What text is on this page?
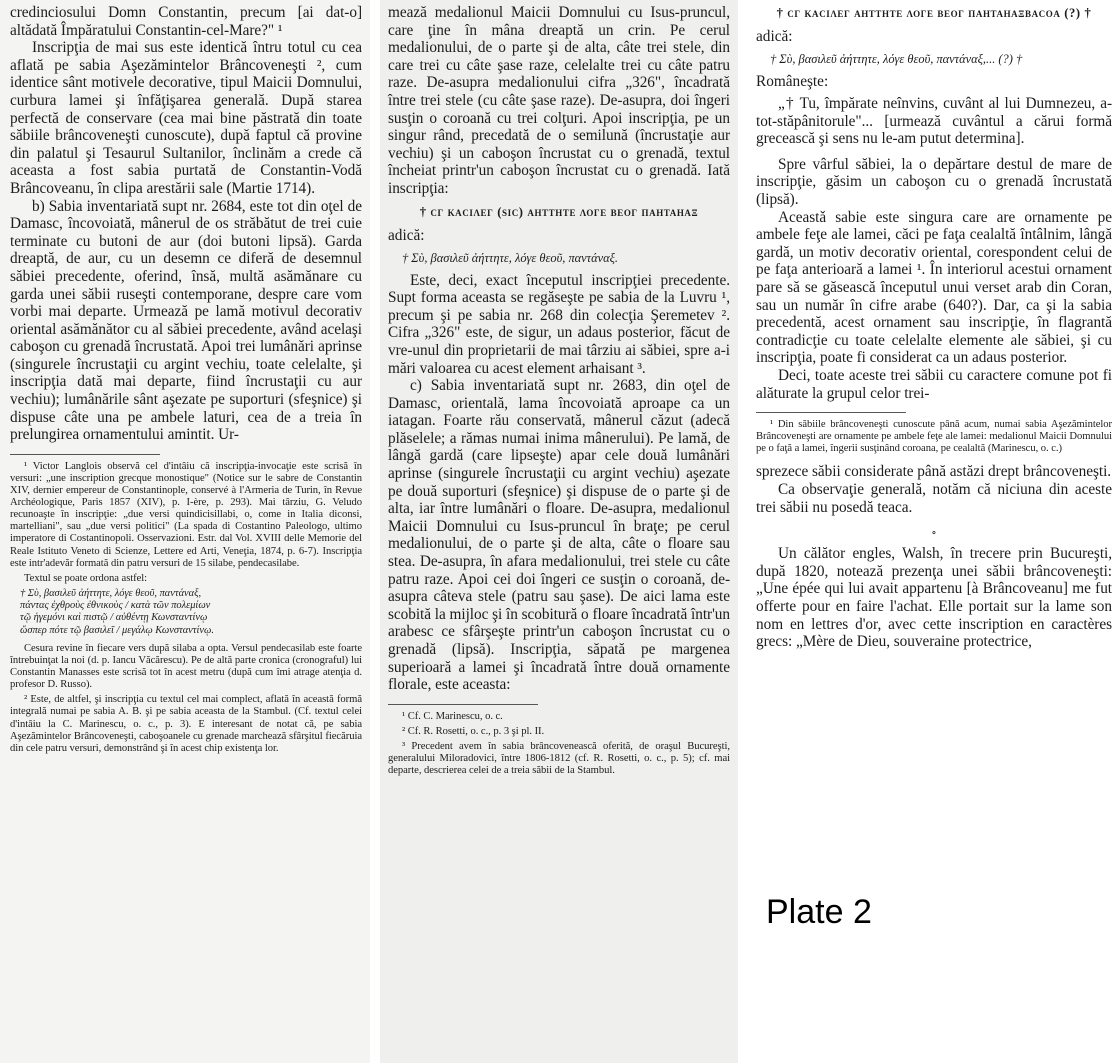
credinciosului Domn Constantin, precum [ai dat-o] altădată Împăratului Constantin-cel-Mare?" ¹

Inscripţia de mai sus este identică întru totul cu cea aflată pe sabia Aşezămintelor Brâncoveneşti ², cum identice sânt motivele decorative, tipul Maicii Domnului, curbura lamei şi înfăţişarea generală. După starea perfectă de conservare (cea mai bine păstrată din toate săbiile brâncoveneşti cunoscute), după faptul că provine din palatul şi Tesaurul Sultanilor, înclinăm a crede că aceasta a fost sabia purtată de Constantin-Vodă Brâncoveanu, în clipa arestării sale (Martie 1714).

b) Sabia inventariată supt nr. 2684, este tot din oţel de Damasc, încovoiată, mânerul de os străbătut de trei cuie terminate cu butoni de aur (doi butoni lipsă). Garda dreaptă, de aur, cu un desemn ce diferă de desemnul săbiei precedente, oferind, însă, multă asămănare cu garda unei săbii ruseşti contemporane, despre care vom vorbi mai departe. Urmează pe lamă motivul decorativ oriental asămănător cu al săbiei precedente, având acelaşi caboşon cu grenadă încrustată. Apoi trei lumânări aprinse (singurele încrustaţii cu argint vechiu, toate celelalte, şi inscripţia dată mai departe, fiind încrustaţii cu aur vechiu); lumânările sânt aşezate pe suporturi (sfeşnice) şi dispuse câte una pe ambele laturi, cea de a treia în prelungirea ornamentului amintit. Ur-

¹ Victor Langlois observă cel d'intâiu că inscripţia-invocaţie este scrisă în versuri: „une inscription grecque monostique" (Notice sur le sabre de Constantin XIV, dernier empereur de Constantinople, conservé à l'Armeria de Turin, în Revue Archéologique, Paris 1857 (XIV), p. I-ère, p. 293). Mai târziu, G. Veludo recunoaşte în inscripţie: „due versi quindicisillabi, o, come in Italia diconsi, martelliani", sau „due versi politici" (La spada di Costantino Paleologo, ultimo imperatore di Costantinopoli. Osservazioni. Estr. dal Vol. XVIII delle Memorie del Reale Istituto Veneto di Scienze, Lettere ed Arti, Veneţia, 1874, p. 6-7). Inscripţia este intr'adevăr formată din patru versuri de 15 silabe, pendecasilabe.

Textul se poate ordona astfel:

† Σὺ, βασιλεῦ ἀήττητε, λόγε θεοῦ, παντάναξ,
πάντας ἐχθροὺς ἐθνικοὺς / κατὰ τῶν πολεμίων
τῷ ἡγεμόνι καὶ πιστῷ / αὐθέντῃ Κωνσταντίνῳ
ὥσπερ πότε τῷ βασιλεῖ / μεγάλῳ Κωνσταντίνῳ.

Cesura revine în fiecare vers după silaba a opta. Versul pendecasilab este foarte întrebuinţat la noi (d. p. Iancu Văcărescu). Pe de altă parte cronica (cronograful) lui Constantin Manasses este scrisă tot în acest metru (după cum îmi atrage atenţia d. profesor D. Russo).

² Este, de altfel, şi inscripţia cu textul cel mai complect, aflată în această formă integrală numai pe sabia A. B. şi pe sabia aceasta de la Stambul. (Cf. textul celei d'intâiu la C. Marinescu, o. c., p. 3). E interesant de notat că, pe sabia Aşezămintelor Brâncoveneşti, caboşoanele cu grenade marchează sfârşitul fiecăruia din cele patru versuri, demonstrând şi în acest chip existenţa lor.

mează medalionul Maicii Domnului cu Isus-pruncul, care ţine în mâna dreaptă un crin. Pe cerul medalionului, de o parte şi de alta, câte trei stele, din care trei cu câte şase raze, celelalte trei cu câte patru raze. De-asupra medalionului cifra „326", încadrată între trei stele (cu câte şase raze). De-asupra, doi îngeri susţin o coroană cu trei colţuri. Apoi inscripţia, pe un singur rând, precedată de o semilună (încrustaţie aur vechiu) şi un caboşon încrustat cu o grenadă, textul încheiat printr'un caboşon încrustat cu o grenadă. Iată inscripţia:

† ϲγ κaϲιλεγ (sic) ahttнte λοге ϐεογ πaнtaнaξ
adică:
† Σὺ, βασιλεῦ ἀήττητε, λόγε θεοῦ, παντάναξ.

Este, deci, exact începutul inscripţiei precedente. Supt forma aceasta se regăseşte pe sabia de la Luvru ¹, precum şi pe sabia nr. 268 din colecţia Şeremetev ². Cifra „326" este, de sigur, un adaus posterior, făcut de vre-unul din proprietarii de mai târziu ai săbiei, spre a-i mări valoarea cu acest element arhaisant ³.

c) Sabia inventariată supt nr. 2683, din oţel de Damasc, orientală, lama încovoiată aproape ca un iatagan. Foarte rău conservată, mânerul căzut (adecă plăselele; a rămas numai inima mânerului). Pe lamă, de lângă gardă (care lipseşte) apar cele două lumânări aprinse (singurele încrustaţii cu argint vechiu) aşezate pe două suporturi (sfeşnice) şi dispuse de o parte şi de alta, iar între lumânări o floare. De-asupra, medalionul Maicii Domnului cu Isus-pruncul în braţe; pe cerul medalionului, de o parte şi de alta, câte o floare sau stea. De-asupra, în afara medalionului, trei stele cu câte patru raze. Apoi cei doi îngeri ce susţin o coroană, de-asupra câteva stele (patru sau şase). De aici lama este scobită la mijloc şi în scobitură o floare încadrată într'un arabesc ce sfârşeşte printr'un caboşon încrustat cu o grenadă (lipsă). Inscripţia, săpată pe margenea superioară a lamei şi încadrată între două ornamente florale, este aceasta:

¹ Cf. C. Marinescu, o. c.

² Cf. R. Rosetti, o. c., p. 3 şi pl. II.

³ Precedent avem în sabia brâncovenească oferită, de oraşul Bucureşti, generalului Miloradovici, între 1806-1812 (cf. R. Rosetti, o. c., p. 5); cf. mai departe, descrierea celei de a treia săbii de la Stambul.

† ϲγ κaϲιλεγ ahttнte λοге ϐεογ πaнtaнaξϐaϲοa (?) †
adică:
† Σὺ, βασιλεῦ ἀήττητε, λόγε θεοῦ, παντάναξ,... (?) †
Româneşte:

„† Tu, împărate neînvins, cuvânt al lui Dumnezeu, a-tot-stăpânitorule"... [urmează cuvântul a cărui formă grecească şi sens nu le-am putut determina].

Spre vârful săbiei, la o depărtare destul de mare de inscripţie, găsim un caboşon cu o grenadă încrustată (lipsă).

Aceastǎ sabie este singura care are ornamente pe ambele feţe ale lamei, căci pe faţa cealaltă întâlnim, lângă gardă, un motiv decorativ oriental, corespondent celui de pe faţa anterioară a lamei ¹. În interiorul acestui ornament pare să se găsească începutul unui verset arab din Coran, sau un număr în cifre arabe (640?). Dar, ca şi la sabia precedentă, acest ornament sau inscripţie, în flagrantă contradicţie cu toate celelalte elemente ale săbiei, şi cu inscripţia, poate fi considerat ca un adaus posterior.

Deci, toate aceste trei săbii cu caractere comune pot fi alăturate la grupul celor trei-

¹ Din săbiile brâncoveneşti cunoscute până acum, numai sabia Aşezămintelor Brâncoveneşti are ornamente pe ambele feţe ale lamei: medalionul Maicii Domnului pe o faţă a lamei, îngerii susţinând coroana, pe cealaltă (Marinescu, o. c.)

sprezece săbii considerate până astăzi drept brâncoveneşti.

Ca observaţie generală, notăm că niciuna din aceste trei săbii nu posedă teaca.

∘

Un călător engles, Walsh, în trecere prin Bucureşti, după 1820, notează prezenţa unei săbii brâncoveneşti: „Une épée qui lui avait appartenu [à Brâncoveanu] me fut offerte pour en faire l'achat. Elle portait sur la lame son nom en lettres d'or, avec cette inscription en caractères grecs: „Mère de Dieu, souveraine protectrice,

Plate 2
